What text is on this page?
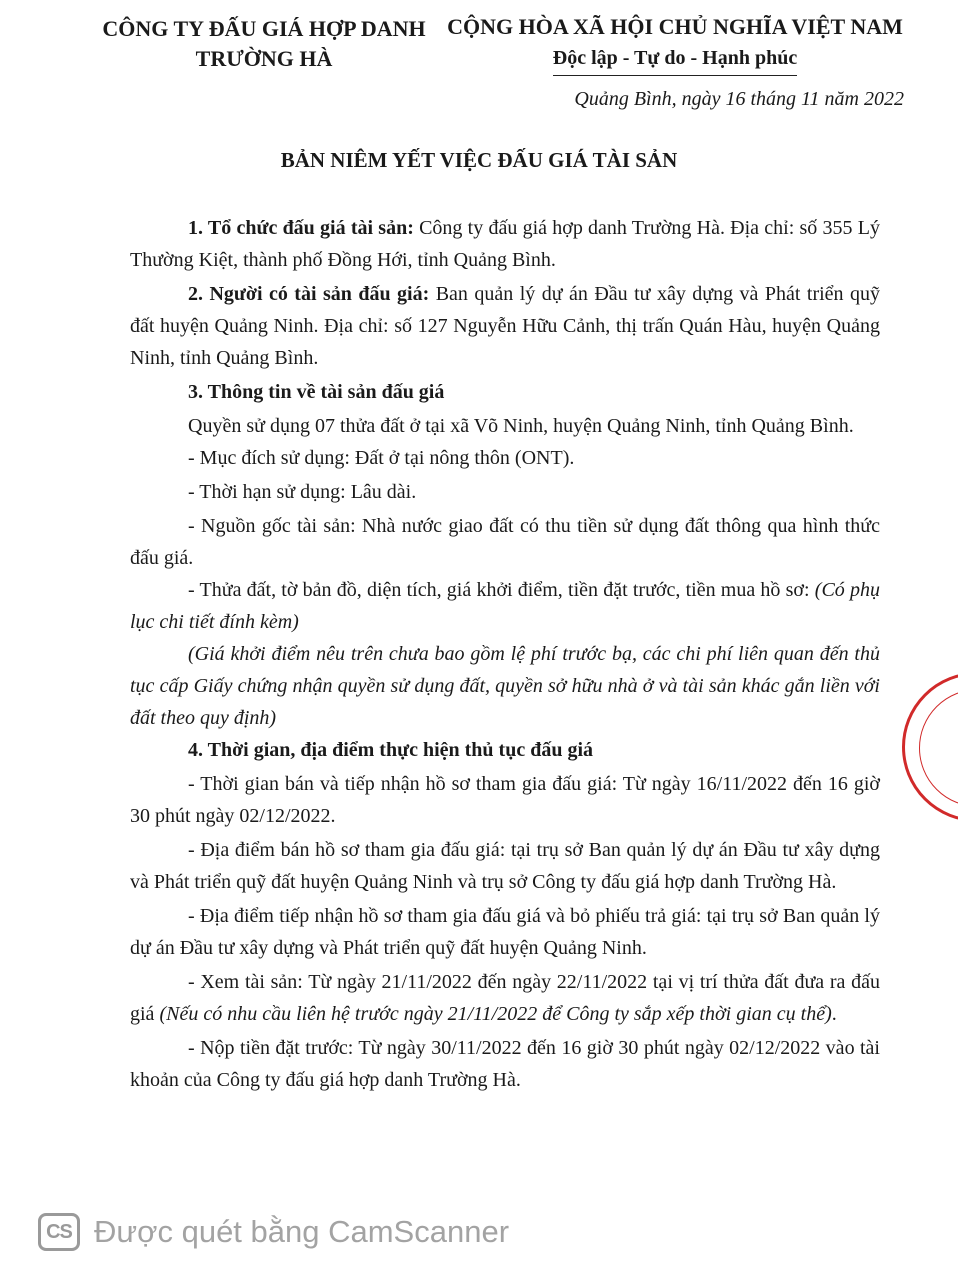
CÔNG TY ĐẤU GIÁ HỢP DANH
TRƯỜNG HÀ
CỘNG HÒA XÃ HỘI CHỦ NGHĨA VIỆT NAM
Độc lập - Tự do - Hạnh phúc
Quảng Bình, ngày 16 tháng 11 năm 2022
BẢN NIÊM YẾT VIỆC ĐẤU GIÁ TÀI SẢN

1. Tổ chức đấu giá tài sản: Công ty đấu giá hợp danh Trường Hà. Địa chỉ: số 355 Lý Thường Kiệt, thành phố Đồng Hới, tỉnh Quảng Bình.

2. Người có tài sản đấu giá: Ban quản lý dự án Đầu tư xây dựng và Phát triển quỹ đất huyện Quảng Ninh. Địa chỉ: số 127 Nguyễn Hữu Cảnh, thị trấn Quán Hàu, huyện Quảng Ninh, tỉnh Quảng Bình.

3. Thông tin về tài sản đấu giá

Quyền sử dụng 07 thửa đất ở tại xã Võ Ninh, huyện Quảng Ninh, tỉnh Quảng Bình.

- Mục đích sử dụng: Đất ở tại nông thôn (ONT).

- Thời hạn sử dụng: Lâu dài.

- Nguồn gốc tài sản: Nhà nước giao đất có thu tiền sử dụng đất thông qua hình thức đấu giá.

- Thửa đất, tờ bản đồ, diện tích, giá khởi điểm, tiền đặt trước, tiền mua hồ sơ: (Có phụ lục chi tiết đính kèm)

(Giá khởi điểm nêu trên chưa bao gồm lệ phí trước bạ, các chi phí liên quan đến thủ tục cấp Giấy chứng nhận quyền sử dụng đất, quyền sở hữu nhà ở và tài sản khác gắn liền với đất theo quy định)

4. Thời gian, địa điểm thực hiện thủ tục đấu giá

- Thời gian bán và tiếp nhận hồ sơ tham gia đấu giá: Từ ngày 16/11/2022 đến 16 giờ 30 phút ngày 02/12/2022.

- Địa điểm bán hồ sơ tham gia đấu giá: tại trụ sở Ban quản lý dự án Đầu tư xây dựng và Phát triển quỹ đất huyện Quảng Ninh và trụ sở Công ty đấu giá hợp danh Trường Hà.

- Địa điểm tiếp nhận hồ sơ tham gia đấu giá và bỏ phiếu trả giá: tại trụ sở Ban quản lý dự án Đầu tư xây dựng và Phát triển quỹ đất huyện Quảng Ninh.

- Xem tài sản: Từ ngày 21/11/2022 đến ngày 22/11/2022 tại vị trí thửa đất đưa ra đấu giá (Nếu có nhu cầu liên hệ trước ngày 21/11/2022 để Công ty sắp xếp thời gian cụ thể).

- Nộp tiền đặt trước: Từ ngày 30/11/2022 đến 16 giờ 30 phút ngày 02/12/2022 vào tài khoản của Công ty đấu giá hợp danh Trường Hà.

CS Được quét bằng CamScanner
